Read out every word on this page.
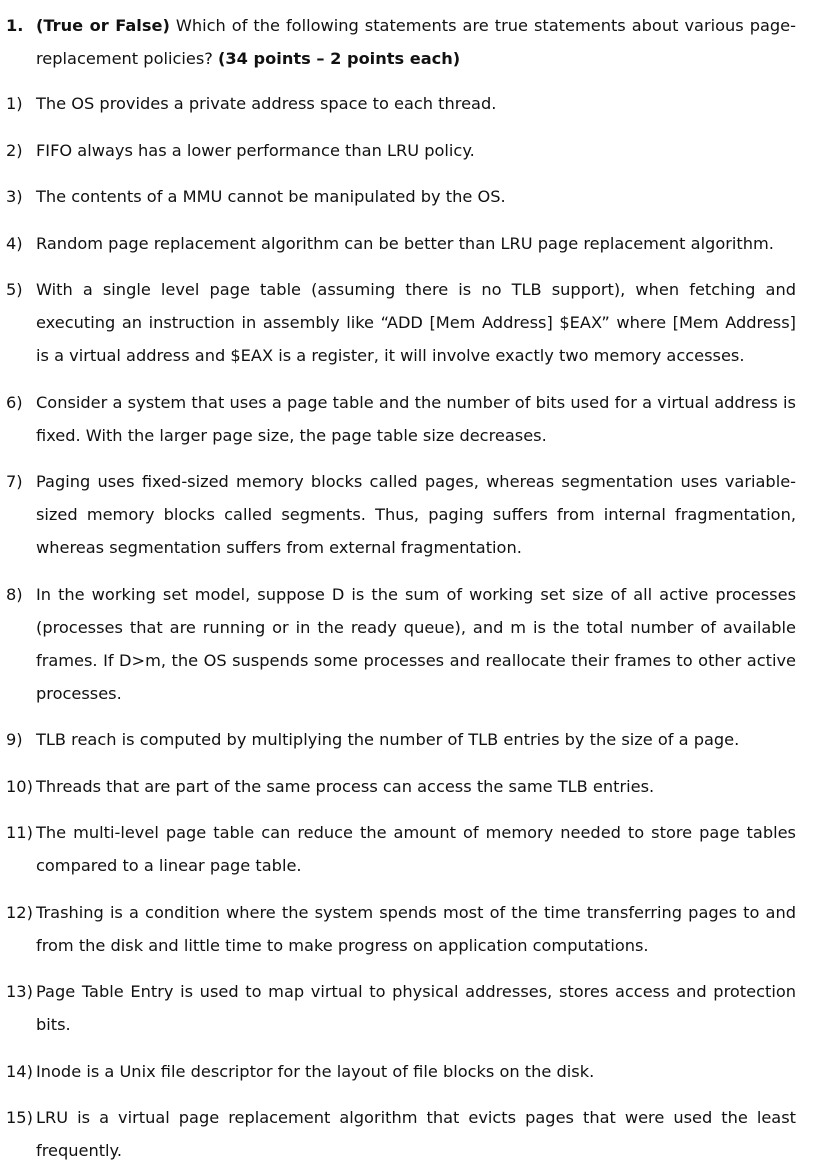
1. (True or False) Which of the following statements are true statements about various page-replacement policies? (34 points – 2 points each)
1) The OS provides a private address space to each thread.
2) FIFO always has a lower performance than LRU policy.
3) The contents of a MMU cannot be manipulated by the OS.
4) Random page replacement algorithm can be better than LRU page replacement algorithm.
5) With a single level page table (assuming there is no TLB support), when fetching and executing an instruction in assembly like “ADD [Mem Address] $EAX” where [Mem Address] is a virtual address and $EAX is a register, it will involve exactly two memory accesses.
6) Consider a system that uses a page table and the number of bits used for a virtual address is fixed. With the larger page size, the page table size decreases.
7) Paging uses fixed-sized memory blocks called pages, whereas segmentation uses variable-sized memory blocks called segments. Thus, paging suffers from internal fragmentation, whereas segmentation suffers from external fragmentation.
8) In the working set model, suppose D is the sum of working set size of all active processes (processes that are running or in the ready queue), and m is the total number of available frames. If D>m, the OS suspends some processes and reallocate their frames to other active processes.
9) TLB reach is computed by multiplying the number of TLB entries by the size of a page.
10) Threads that are part of the same process can access the same TLB entries.
11) The multi-level page table can reduce the amount of memory needed to store page tables compared to a linear page table.
12) Trashing is a condition where the system spends most of the time transferring pages to and from the disk and little time to make progress on application computations.
13) Page Table Entry is used to map virtual to physical addresses, stores access and protection bits.
14) Inode is a Unix file descriptor for the layout of file blocks on the disk.
15) LRU is a virtual page replacement algorithm that evicts pages that were used the least frequently.
